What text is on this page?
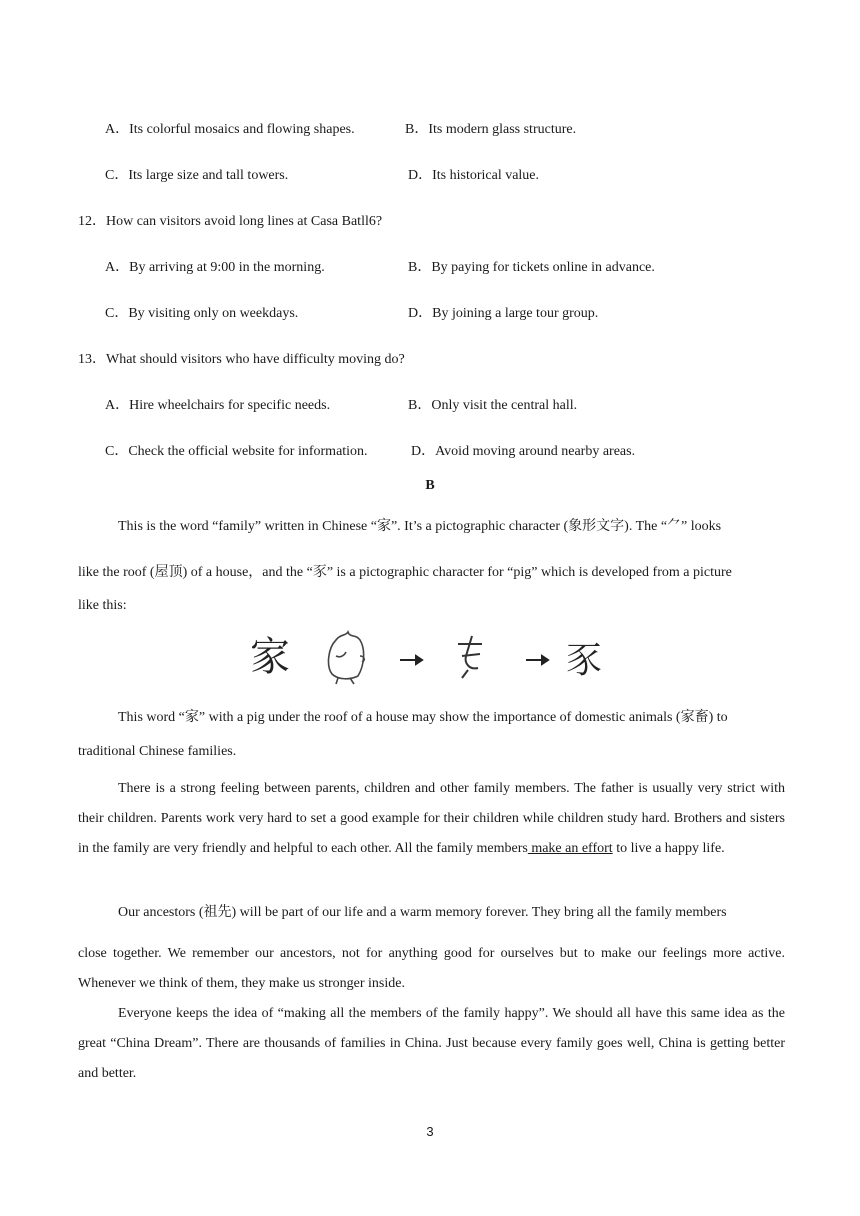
A．Its colorful mosaics and flowing shapes.	B．Its modern glass structure.
C．Its large size and tall towers.	D．Its historical value.
12．How can visitors avoid long lines at Casa Batll6?
A．By arriving at 9:00 in the morning.	B．By paying for tickets online in advance.
C．By visiting only on weekdays.	D．By joining a large tour group.
13．What should visitors who have difficulty moving do?
A．Hire wheelchairs for specific needs.	B．Only visit the central hall.
C．Check the official website for information.	D．Avoid moving around nearby areas.
B
This is the word “family” written in Chinese “家”. It’s a pictographic character (象形文字). The “⺈” looks
like the roof (屋顶) of a house，and the “豕” is a pictographic character for “pig” which is developed from a picture
like this:
家	豕
This word “家” with a pig under the roof of a house may show the importance of domestic animals (家畜) to
traditional Chinese families.
There is a strong feeling between parents, children and other family members. The father is usually very strict with their children. Parents work very hard to set a good example for their children while children study hard. Brothers and sisters in the family are very friendly and helpful to each other. All the family members make an effort to live a happy life.
Our ancestors (祖先) will be part of our life and a warm memory forever. They bring all the family members
close together. We remember our ancestors, not for anything good for ourselves but to make our feelings more active. Whenever we think of them, they make us stronger inside.
Everyone keeps the idea of “making all the members of the family happy”. We should all have this same idea as the great “China Dream”. There are thousands of families in China. Just because every family goes well, China is getting better and better.
3
